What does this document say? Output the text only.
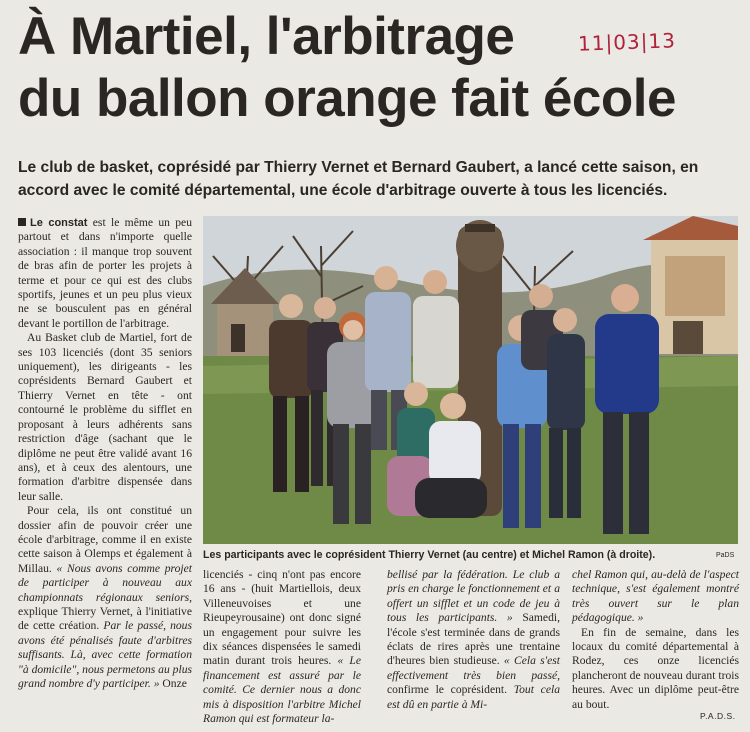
À Martiel, l'arbitrage
du ballon orange fait école
11|03|13

Le club de basket, coprésidé par Thierry Vernet et Bernard Gaubert, a lancé cette saison, en accord avec le comité départemental, une école d'arbitrage ouverte à tous les licenciés.

Le constat est le même un peu partout et dans n'importe quelle association : il manque trop souvent de bras afin de porter les projets à terme et pour ce qui est des clubs sportifs, jeunes et un peu plus vieux ne se bousculent pas en général devant le portillon de l'arbitrage.

Au Basket club de Martiel, fort de ses 103 licenciés (dont 35 seniors uniquement), les dirigeants - les coprésidents Bernard Gaubert et Thierry Vernet en tête - ont contourné le problème du sifflet en proposant à leurs adhérents sans restriction d'âge (sachant que le diplôme ne peut être validé avant 16 ans), et à ceux des alentours, une formation d'arbitre dispensée dans leur salle.

Pour cela, ils ont constitué un dossier afin de pouvoir créer une école d'arbitrage, comme il en existe cette saison à Olemps et également à Millau. « Nous avons comme projet de participer à nouveau aux championnats régionaux seniors, explique Thierry Vernet, à l'initiative de cette création. Par le passé, nous avons été pénalisés faute d'arbitres suffisants. Là, avec cette formation "à domicile", nous permetons au plus grand nombre d'y participer. » Onze

Les participants avec le coprésident Thierry Vernet (au centre) et Michel Ramon (à droite).	PaDS

licenciés - cinq n'ont pas encore 16 ans - (huit Martiellois, deux Villeneuvoises et une Rieupeyrousaine) ont donc signé un engagement pour suivre les dix séances dispensées le samedi matin durant trois heures. « Le financement est assuré par le comité. Ce dernier nous a donc mis à disposition l'arbitre Michel Ramon qui est formateur la-

bellisé par la fédération. Le club a pris en charge le fonctionnement et a offert un sifflet et un code de jeu à tous les participants. » Samedi, l'école s'est terminée dans de grands éclats de rires après une trentaine d'heures bien studieuse. « Cela s'est effectivement très bien passé, confirme le coprésident. Tout cela est dû en partie à Mi-

chel Ramon qui, au-delà de l'aspect technique, s'est également montré très ouvert sur le plan pédagogique. »

En fin de semaine, dans les locaux du comité départemental à Rodez, ces onze licenciés plancheront de nouveau durant trois heures. Avec un diplôme peut-être au bout.

P.A.D.S.
